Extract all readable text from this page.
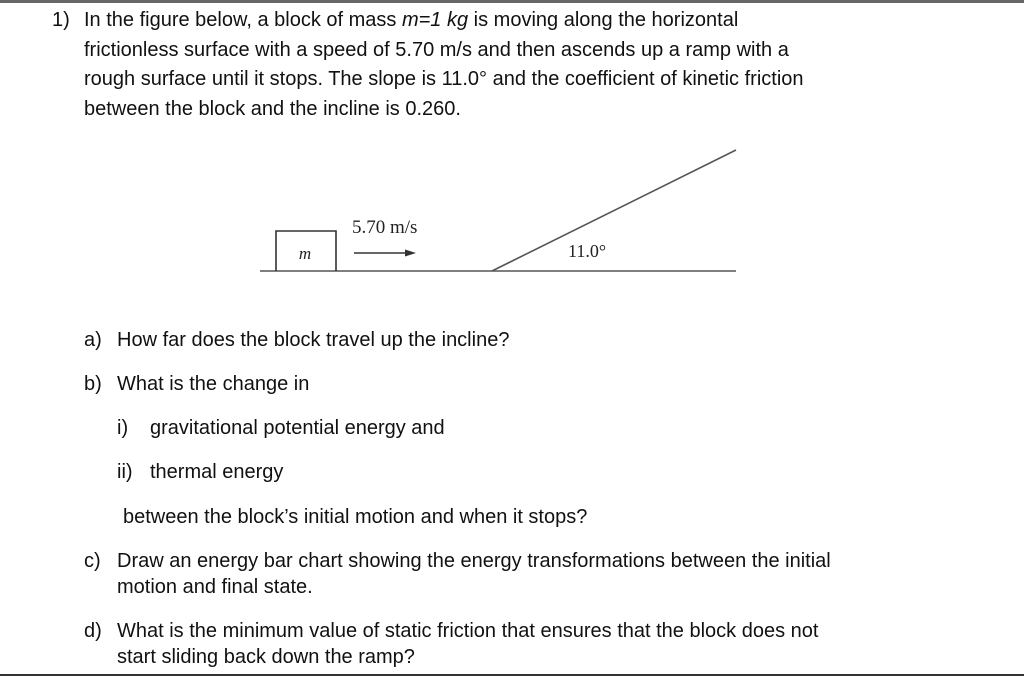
1) In the figure below, a block of mass m=1 kg is moving along the horizontal
frictionless surface with a speed of 5.70 m/s and then ascends up a ramp with a
rough surface until it stops. The slope is 11.0° and the coefficient of kinetic friction
between the block and the incline is 0.260.
m
5.70 m/s
11.0°
a) How far does the block travel up the incline?
b) What is the change in
i) gravitational potential energy and
ii) thermal energy
between the block’s initial motion and when it stops?
c) Draw an energy bar chart showing the energy transformations between the initial
motion and final state.
d) What is the minimum value of static friction that ensures that the block does not
start sliding back down the ramp?
